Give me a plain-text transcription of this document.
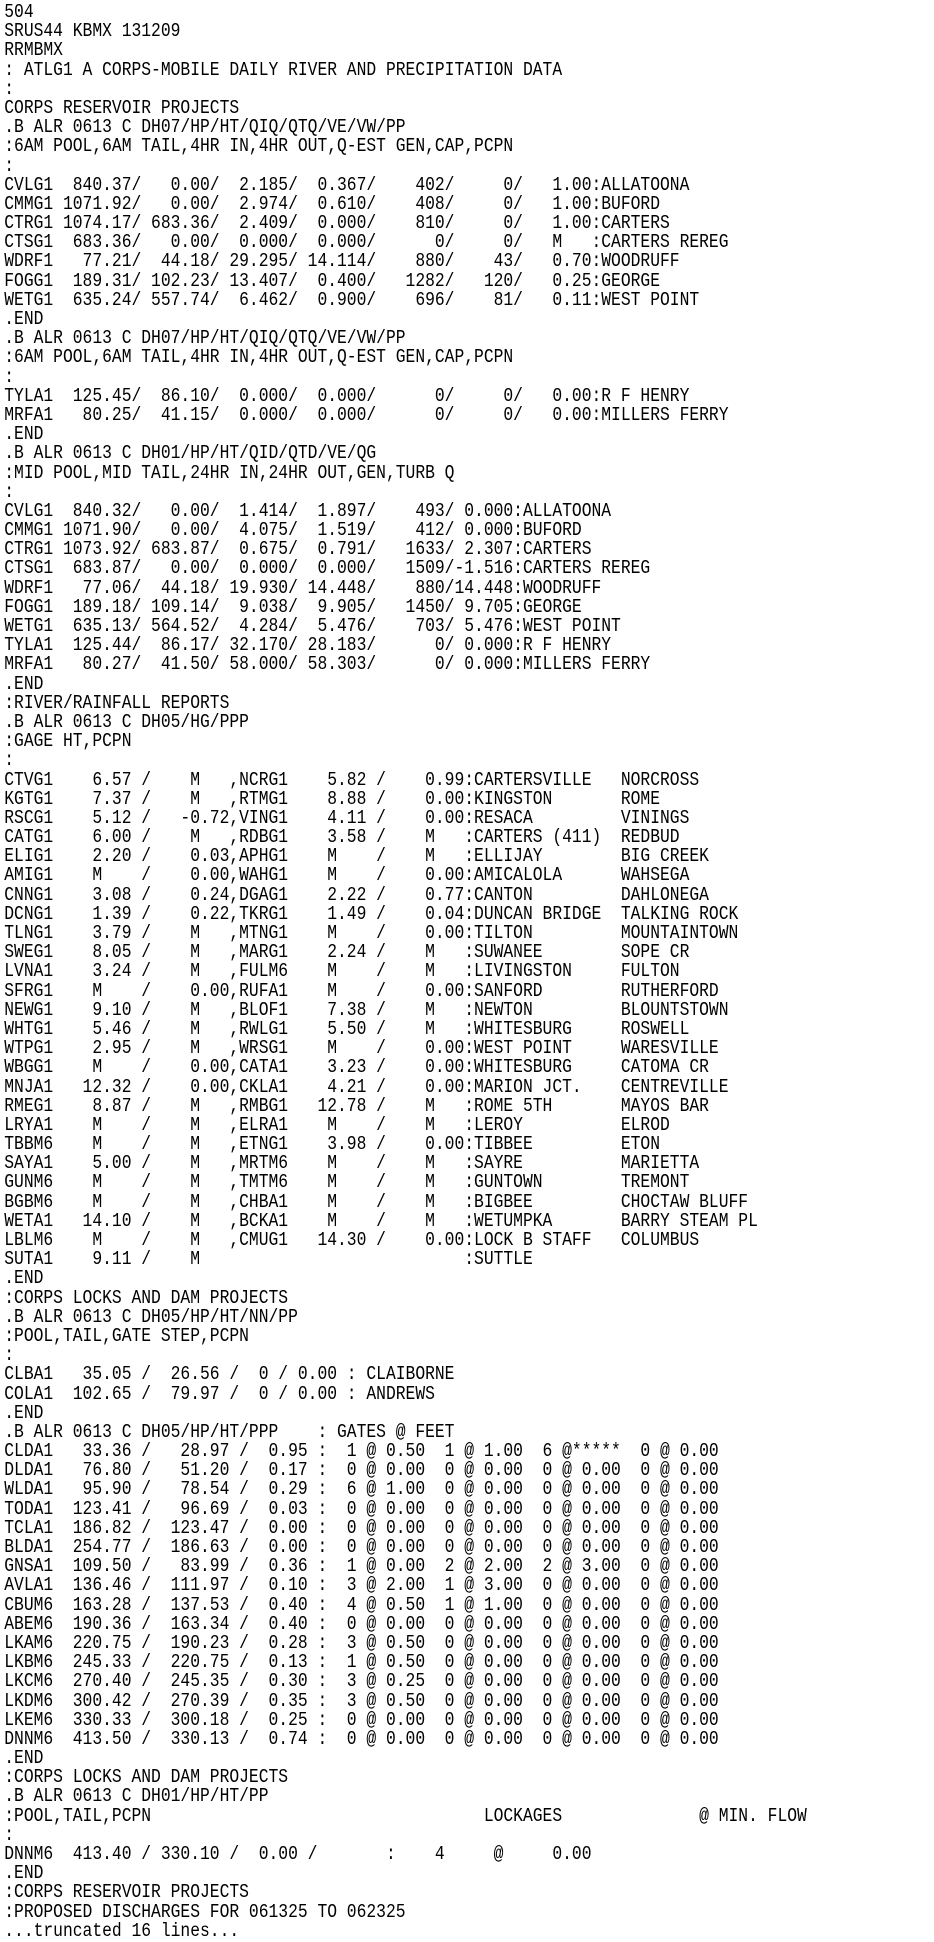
504
SRUS44 KBMX 131209
RRMBMX
: ATLG1 A CORPS-MOBILE DAILY RIVER AND PRECIPITATION DATA
:
CORPS RESERVOIR PROJECTS
.B ALR 0613 C DH07/HP/HT/QIQ/QTQ/VE/VW/PP
:6AM POOL,6AM TAIL,4HR IN,4HR OUT,Q-EST GEN,CAP,PCPN
:
CVLG1  840.37/   0.00/  2.185/  0.367/    402/     0/   1.00:ALLATOONA
CMMG1 1071.92/   0.00/  2.974/  0.610/    408/     0/   1.00:BUFORD
CTRG1 1074.17/ 683.36/  2.409/  0.000/    810/     0/   1.00:CARTERS
CTSG1  683.36/   0.00/  0.000/  0.000/      0/     0/   M   :CARTERS REREG
WDRF1   77.21/  44.18/ 29.295/ 14.114/    880/    43/   0.70:WOODRUFF
FOGG1  189.31/ 102.23/ 13.407/  0.400/   1282/   120/   0.25:GEORGE
WETG1  635.24/ 557.74/  6.462/  0.900/    696/    81/   0.11:WEST POINT
.END
.B ALR 0613 C DH07/HP/HT/QIQ/QTQ/VE/VW/PP
:6AM POOL,6AM TAIL,4HR IN,4HR OUT,Q-EST GEN,CAP,PCPN
:
TYLA1  125.45/  86.10/  0.000/  0.000/      0/     0/   0.00:R F HENRY
MRFA1   80.25/  41.15/  0.000/  0.000/      0/     0/   0.00:MILLERS FERRY
.END
.B ALR 0613 C DH01/HP/HT/QID/QTD/VE/QG
:MID POOL,MID TAIL,24HR IN,24HR OUT,GEN,TURB Q
:
CVLG1  840.32/   0.00/  1.414/  1.897/    493/ 0.000:ALLATOONA
CMMG1 1071.90/   0.00/  4.075/  1.519/    412/ 0.000:BUFORD
CTRG1 1073.92/ 683.87/  0.675/  0.791/   1633/ 2.307:CARTERS
CTSG1  683.87/   0.00/  0.000/  0.000/   1509/-1.516:CARTERS REREG
WDRF1   77.06/  44.18/ 19.930/ 14.448/    880/14.448:WOODRUFF
FOGG1  189.18/ 109.14/  9.038/  9.905/   1450/ 9.705:GEORGE
WETG1  635.13/ 564.52/  4.284/  5.476/    703/ 5.476:WEST POINT
TYLA1  125.44/  86.17/ 32.170/ 28.183/      0/ 0.000:R F HENRY
MRFA1   80.27/  41.50/ 58.000/ 58.303/      0/ 0.000:MILLERS FERRY
.END
:RIVER/RAINFALL REPORTS
.B ALR 0613 C DH05/HG/PPP
:GAGE HT,PCPN
:
CTVG1    6.57 /    M   ,NCRG1    5.82 /    0.99:CARTERSVILLE   NORCROSS
KGTG1    7.37 /    M   ,RTMG1    8.88 /    0.00:KINGSTON       ROME
RSCG1    5.12 /   -0.72,VING1    4.11 /    0.00:RESACA         VININGS
CATG1    6.00 /    M   ,RDBG1    3.58 /    M   :CARTERS (411)  REDBUD
ELIG1    2.20 /    0.03,APHG1    M    /    M   :ELLIJAY        BIG CREEK
AMIG1    M    /    0.00,WAHG1    M    /    0.00:AMICALOLA      WAHSEGA
CNNG1    3.08 /    0.24,DGAG1    2.22 /    0.77:CANTON         DAHLONEGA
DCNG1    1.39 /    0.22,TKRG1    1.49 /    0.04:DUNCAN BRIDGE  TALKING ROCK
TLNG1    3.79 /    M   ,MTNG1    M    /    0.00:TILTON         MOUNTAINTOWN
SWEG1    8.05 /    M   ,MARG1    2.24 /    M   :SUWANEE        SOPE CR
LVNA1    3.24 /    M   ,FULM6    M    /    M   :LIVINGSTON     FULTON
SFRG1    M    /    0.00,RUFA1    M    /    0.00:SANFORD        RUTHERFORD
NEWG1    9.10 /    M   ,BLOF1    7.38 /    M   :NEWTON         BLOUNTSTOWN
WHTG1    5.46 /    M   ,RWLG1    5.50 /    M   :WHITESBURG     ROSWELL
WTPG1    2.95 /    M   ,WRSG1    M    /    0.00:WEST POINT     WARESVILLE
WBGG1    M    /    0.00,CATA1    3.23 /    0.00:WHITESBURG     CATOMA CR
MNJA1   12.32 /    0.00,CKLA1    4.21 /    0.00:MARION JCT.    CENTREVILLE
RMEG1    8.87 /    M   ,RMBG1   12.78 /    M   :ROME 5TH       MAYOS BAR
LRYA1    M    /    M   ,ELRA1    M    /    M   :LEROY          ELROD
TBBM6    M    /    M   ,ETNG1    3.98 /    0.00:TIBBEE         ETON
SAYA1    5.00 /    M   ,MRTM6    M    /    M   :SAYRE          MARIETTA
GUNM6    M    /    M   ,TMTM6    M    /    M   :GUNTOWN        TREMONT
BGBM6    M    /    M   ,CHBA1    M    /    M   :BIGBEE         CHOCTAW BLUFF
WETA1   14.10 /    M   ,BCKA1    M    /    M   :WETUMPKA       BARRY STEAM PL
LBLM6    M    /    M   ,CMUG1   14.30 /    0.00:LOCK B STAFF   COLUMBUS
SUTA1    9.11 /    M                           :SUTTLE
.END
:CORPS LOCKS AND DAM PROJECTS
.B ALR 0613 C DH05/HP/HT/NN/PP
:POOL,TAIL,GATE STEP,PCPN
:
CLBA1   35.05 /  26.56 /  0 / 0.00 : CLAIBORNE
COLA1  102.65 /  79.97 /  0 / 0.00 : ANDREWS
.END
.B ALR 0613 C DH05/HP/HT/PPP    : GATES @ FEET
CLDA1   33.36 /   28.97 /  0.95 :  1 @ 0.50  1 @ 1.00  6 @*****  0 @ 0.00
DLDA1   76.80 /   51.20 /  0.17 :  0 @ 0.00  0 @ 0.00  0 @ 0.00  0 @ 0.00
WLDA1   95.90 /   78.54 /  0.29 :  6 @ 1.00  0 @ 0.00  0 @ 0.00  0 @ 0.00
TODA1  123.41 /   96.69 /  0.03 :  0 @ 0.00  0 @ 0.00  0 @ 0.00  0 @ 0.00
TCLA1  186.82 /  123.47 /  0.00 :  0 @ 0.00  0 @ 0.00  0 @ 0.00  0 @ 0.00
BLDA1  254.77 /  186.63 /  0.00 :  0 @ 0.00  0 @ 0.00  0 @ 0.00  0 @ 0.00
GNSA1  109.50 /   83.99 /  0.36 :  1 @ 0.00  2 @ 2.00  2 @ 3.00  0 @ 0.00
AVLA1  136.46 /  111.97 /  0.10 :  3 @ 2.00  1 @ 3.00  0 @ 0.00  0 @ 0.00
CBUM6  163.28 /  137.53 /  0.40 :  4 @ 0.50  1 @ 1.00  0 @ 0.00  0 @ 0.00
ABEM6  190.36 /  163.34 /  0.40 :  0 @ 0.00  0 @ 0.00  0 @ 0.00  0 @ 0.00
LKAM6  220.75 /  190.23 /  0.28 :  3 @ 0.50  0 @ 0.00  0 @ 0.00  0 @ 0.00
LKBM6  245.33 /  220.75 /  0.13 :  1 @ 0.50  0 @ 0.00  0 @ 0.00  0 @ 0.00
LKCM6  270.40 /  245.35 /  0.30 :  3 @ 0.25  0 @ 0.00  0 @ 0.00  0 @ 0.00
LKDM6  300.42 /  270.39 /  0.35 :  3 @ 0.50  0 @ 0.00  0 @ 0.00  0 @ 0.00
LKEM6  330.33 /  300.18 /  0.25 :  0 @ 0.00  0 @ 0.00  0 @ 0.00  0 @ 0.00
DNNM6  413.50 /  330.13 /  0.74 :  0 @ 0.00  0 @ 0.00  0 @ 0.00  0 @ 0.00
.END
:CORPS LOCKS AND DAM PROJECTS
.B ALR 0613 C DH01/HP/HT/PP
:POOL,TAIL,PCPN                                  LOCKAGES              @ MIN. FLOW
:
DNNM6  413.40 / 330.10 /  0.00 /       :    4     @     0.00
.END
:CORPS RESERVOIR PROJECTS
:PROPOSED DISCHARGES FOR 061325 TO 062325
...truncated 16 lines...
